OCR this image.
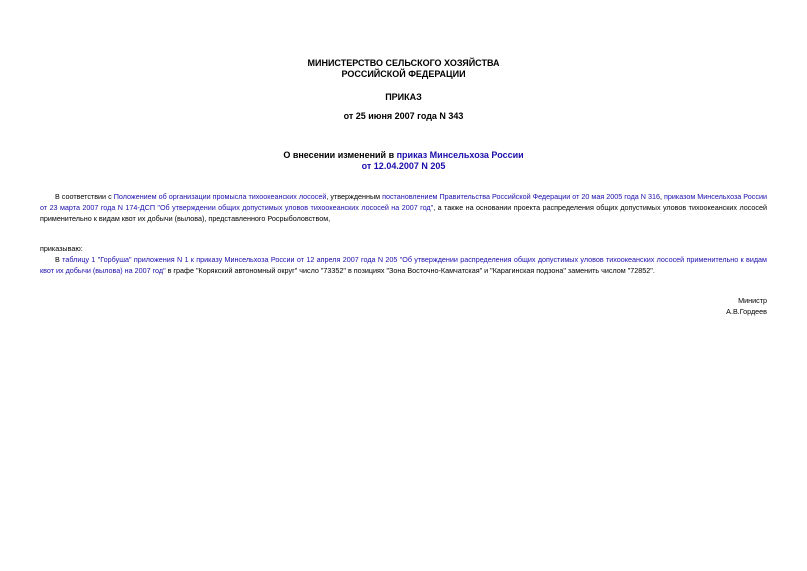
МИНИСТЕРСТВО СЕЛЬСКОГО ХОЗЯЙСТВА
РОССИЙСКОЙ ФЕДЕРАЦИИ
ПРИКАЗ
от 25 июня 2007 года N 343
О внесении изменений в приказ Минсельхоза России
от 12.04.2007 N 205
В соответствии с Положением об организации промысла тихоокеанских лососей, утвержденным постановлением Правительства Российской Федерации от 20 мая 2005 года N 316, приказом Минсельхоза России от 23 марта 2007 года N 174-ДСП "Об утверждении общих допустимых уловов тихоокеанских лососей на 2007 год", а также на основании проекта распределения общих допустимых уловов тихоокеанских лососей применительно к видам квот их добычи (вылова), представленного Росрыболовством,
приказываю:
В таблицу 1 "Горбуша" приложения N 1 к приказу Минсельхоза России от 12 апреля 2007 года N 205 "Об утверждении распределения общих допустимых уловов тихоокеанских лососей применительно к видам квот их добычи (вылова) на 2007 год" в графе "Корякский автономный округ" число "73352" в позициях "Зона Восточно-Камчатская" и "Карагинская подзона" заменить числом "72852".
Министр
А.В.Гордеев
